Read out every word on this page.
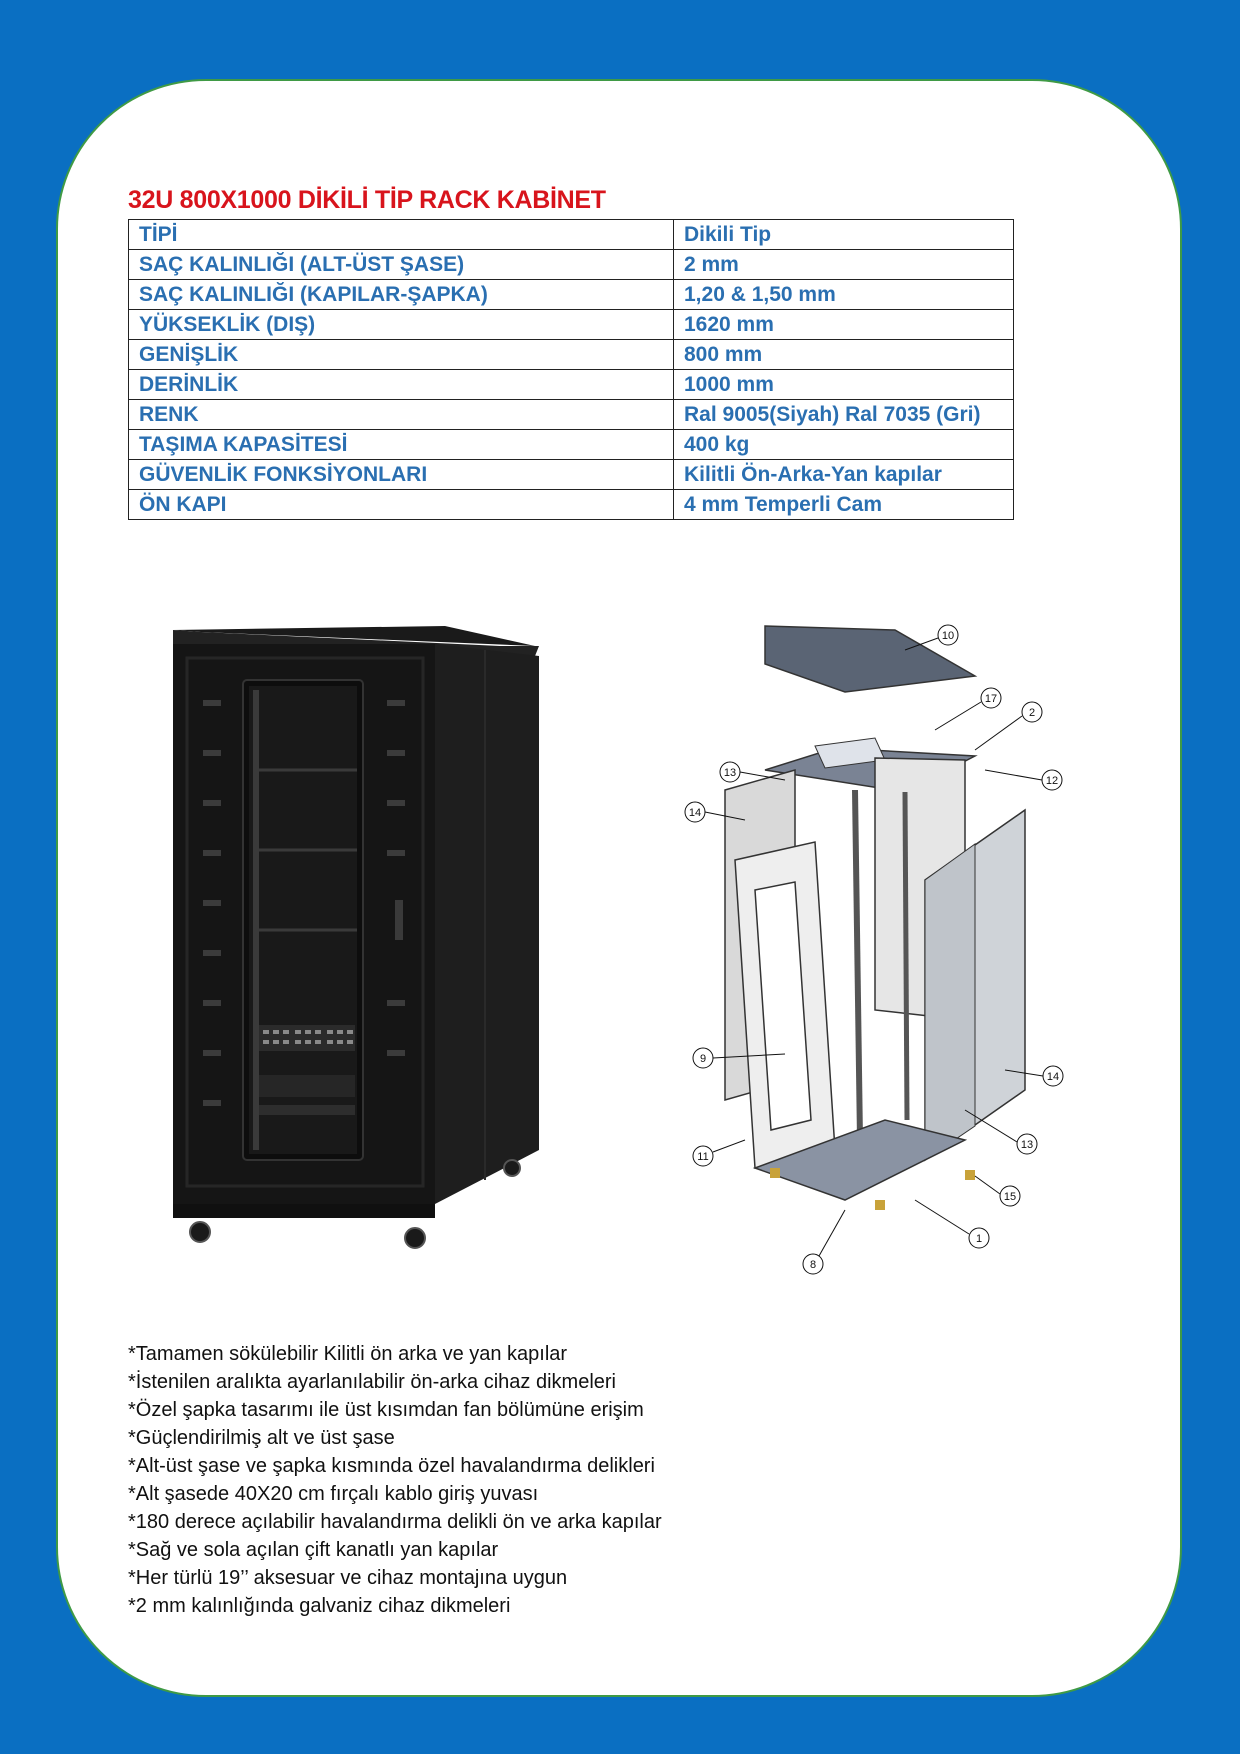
32U 800X1000 DİKİLİ TİP RACK KABİNET
TİPİ	Dikili Tip
SAÇ KALINLIĞI (ALT-ÜST ŞASE)	2 mm
SAÇ KALINLIĞI (KAPILAR-ŞAPKA)	1,20 & 1,50 mm
YÜKSEKLİK (DIŞ)	1620 mm
GENİŞLİK	800 mm
DERİNLİK	1000 mm
RENK	Ral 9005(Siyah) Ral 7035 (Gri)
TAŞIMA KAPASİTESİ	400 kg
GÜVENLİK FONKSİYONLARI	Kilitli Ön-Arka-Yan kapılar
ÖN KAPI	4 mm Temperli Cam
10
17
2
12
13
14
9
11
14
13
15
1
8
*Tamamen sökülebilir Kilitli ön arka ve yan kapılar
*İstenilen aralıkta ayarlanılabilir ön-arka cihaz dikmeleri
*Özel şapka tasarımı ile üst kısımdan fan bölümüne erişim
*Güçlendirilmiş alt ve üst şase
*Alt-üst şase ve şapka kısmında özel havalandırma delikleri
*Alt şasede 40X20 cm fırçalı kablo giriş yuvası
*180 derece açılabilir havalandırma delikli ön ve arka kapılar
*Sağ ve sola açılan çift kanatlı yan kapılar
*Her türlü 19’’ aksesuar ve cihaz montajına uygun
*2 mm kalınlığında galvaniz cihaz dikmeleri
